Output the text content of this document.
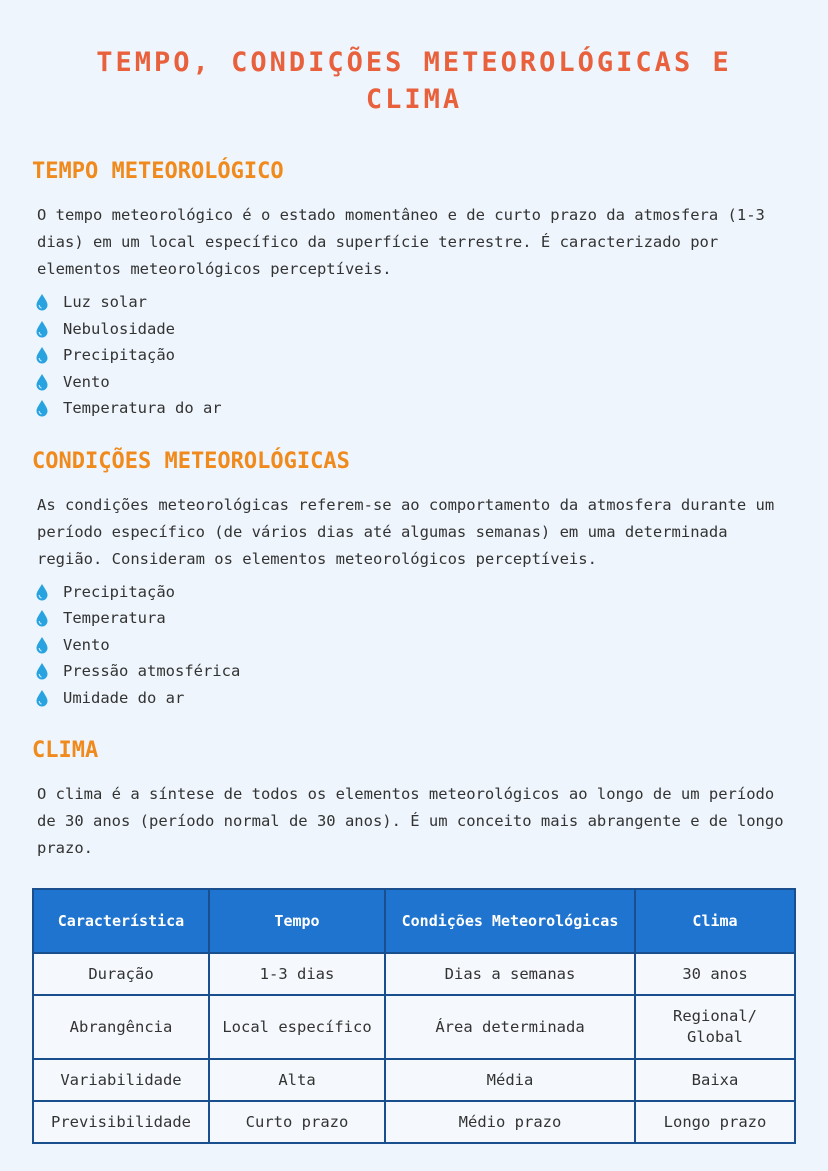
TEMPO, CONDIÇÕES METEOROLÓGICAS E CLIMA
TEMPO METEOROLÓGICO

O tempo meteorológico é o estado momentâneo e de curto prazo da atmosfera (1-3 dias) em um local específico da superfície terrestre. É caracterizado por elementos meteorológicos perceptíveis.

Luz solar
Nebulosidade
Precipitação
Vento
Temperatura do ar
CONDIÇÕES METEOROLÓGICAS

As condições meteorológicas referem-se ao comportamento da atmosfera durante um período específico (de vários dias até algumas semanas) em uma determinada região. Consideram os elementos meteorológicos perceptíveis.

Precipitação
Temperatura
Vento
Pressão atmosférica
Umidade do ar
CLIMA

O clima é a síntese de todos os elementos meteorológicos ao longo de um período de 30 anos (período normal de 30 anos). É um conceito mais abrangente e de longo prazo.

Característica	Tempo	Condições Meteorológicas	Clima
Duração	1-3 dias	Dias a semanas	30 anos
Abrangência	Local específico	Área determinada	Regional/ Global
Variabilidade	Alta	Média	Baixa
Previsibilidade	Curto prazo	Médio prazo	Longo prazo
